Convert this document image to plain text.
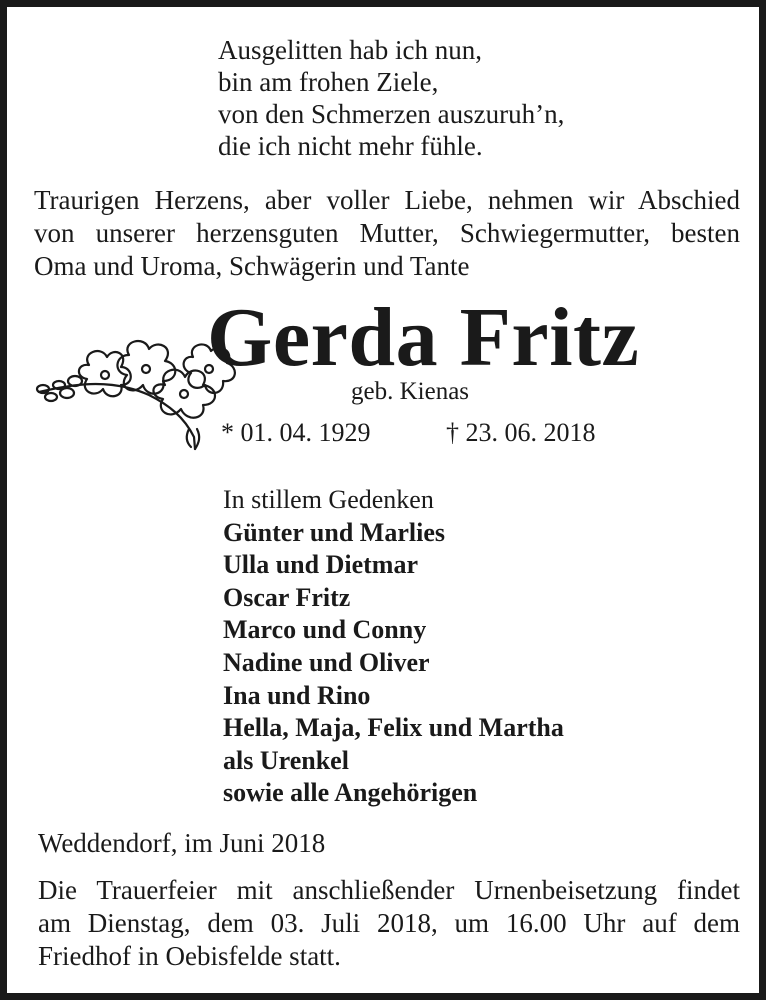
Ausgelitten hab ich nun,
bin am frohen Ziele,
von den Schmerzen auszuruh’n,
die ich nicht mehr fühle.
Traurigen Herzens, aber voller Liebe, nehmen wir Abschied
von unserer herzensguten Mutter, Schwiegermutter, besten
Oma und Uroma, Schwägerin und Tante
Gerda Fritz
geb. Kienas
* 01. 04. 1929	† 23. 06. 2018
In stillem Gedenken
Günter und Marlies
Ulla und Dietmar
Oscar Fritz
Marco und Conny
Nadine und Oliver
Ina und Rino
Hella, Maja, Felix und Martha
als Urenkel
sowie alle Angehörigen
Weddendorf, im Juni 2018
Die Trauerfeier mit anschließender Urnenbeisetzung findet
am Dienstag, dem 03. Juli 2018, um 16.00 Uhr auf dem
Friedhof in Oebisfelde statt.
